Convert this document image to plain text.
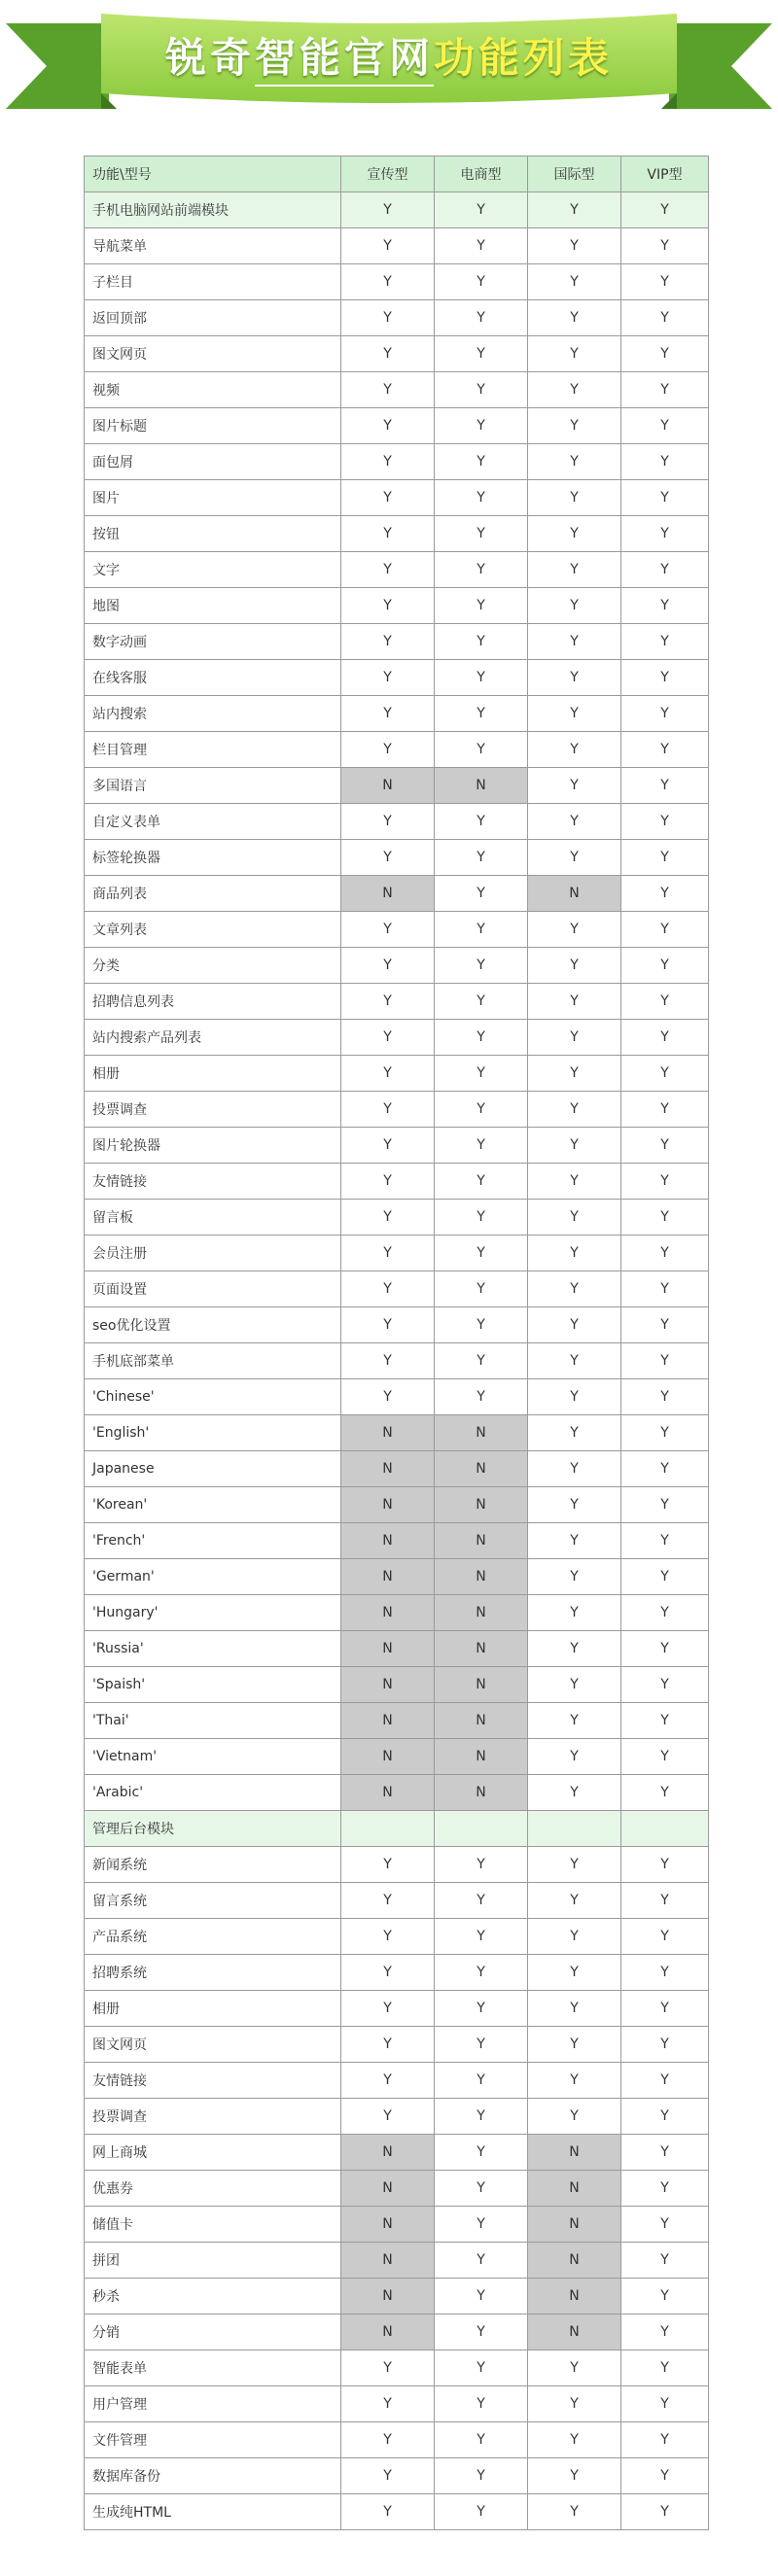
锐奇智能官网功能列表
功能\型号	宣传型	电商型	国际型	VIP型
手机电脑网站前端模块	Y	Y	Y	Y
导航菜单	Y	Y	Y	Y
子栏目	Y	Y	Y	Y
返回顶部	Y	Y	Y	Y
图文网页	Y	Y	Y	Y
视频	Y	Y	Y	Y
图片标题	Y	Y	Y	Y
面包屑	Y	Y	Y	Y
图片	Y	Y	Y	Y
按钮	Y	Y	Y	Y
文字	Y	Y	Y	Y
地图	Y	Y	Y	Y
数字动画	Y	Y	Y	Y
在线客服	Y	Y	Y	Y
站内搜索	Y	Y	Y	Y
栏目管理	Y	Y	Y	Y
多国语言	N	N	Y	Y
自定义表单	Y	Y	Y	Y
标签轮换器	Y	Y	Y	Y
商品列表	N	Y	N	Y
文章列表	Y	Y	Y	Y
分类	Y	Y	Y	Y
招聘信息列表	Y	Y	Y	Y
站内搜索产品列表	Y	Y	Y	Y
相册	Y	Y	Y	Y
投票调查	Y	Y	Y	Y
图片轮换器	Y	Y	Y	Y
友情链接	Y	Y	Y	Y
留言板	Y	Y	Y	Y
会员注册	Y	Y	Y	Y
页面设置	Y	Y	Y	Y
seo优化设置	Y	Y	Y	Y
手机底部菜单	Y	Y	Y	Y
'Chinese'	Y	Y	Y	Y
'English'	N	N	Y	Y
Japanese	N	N	Y	Y
'Korean'	N	N	Y	Y
'French'	N	N	Y	Y
'German'	N	N	Y	Y
'Hungary'	N	N	Y	Y
'Russia'	N	N	Y	Y
'Spaish'	N	N	Y	Y
'Thai'	N	N	Y	Y
'Vietnam'	N	N	Y	Y
'Arabic'	N	N	Y	Y
管理后台模块				
新闻系统	Y	Y	Y	Y
留言系统	Y	Y	Y	Y
产品系统	Y	Y	Y	Y
招聘系统	Y	Y	Y	Y
相册	Y	Y	Y	Y
图文网页	Y	Y	Y	Y
友情链接	Y	Y	Y	Y
投票调查	Y	Y	Y	Y
网上商城	N	Y	N	Y
优惠券	N	Y	N	Y
储值卡	N	Y	N	Y
拼团	N	Y	N	Y
秒杀	N	Y	N	Y
分销	N	Y	N	Y
智能表单	Y	Y	Y	Y
用户管理	Y	Y	Y	Y
文件管理	Y	Y	Y	Y
数据库备份	Y	Y	Y	Y
生成纯HTML	Y	Y	Y	Y
